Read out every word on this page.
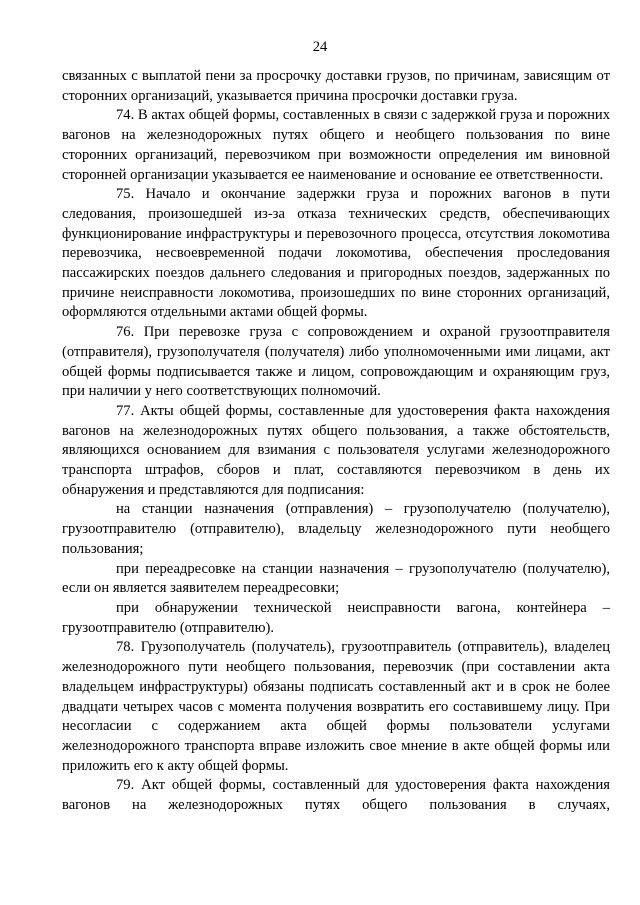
24

связанных с выплатой пени за просрочку доставки грузов, по причинам, зависящим от сторонних организаций, указывается причина просрочки доставки груза.

74. В актах общей формы, составленных в связи с задержкой груза и порожних вагонов на железнодорожных путях общего и необщего пользования по вине сторонних организаций, перевозчиком при возможности определения им виновной сторонней организации указывается ее наименование и основание ее ответственности.

75. Начало и окончание задержки груза и порожних вагонов в пути следования, произошедшей из-за отказа технических средств, обеспечивающих функционирование инфраструктуры и перевозочного процесса, отсутствия локомотива перевозчика, несвоевременной подачи локомотива, обеспечения проследования пассажирских поездов дальнего следования и пригородных поездов, задержанных по причине неисправности локомотива, произошедших по вине сторонних организаций, оформляются отдельными актами общей формы.

76. При перевозке груза с сопровождением и охраной грузоотправителя (отправителя), грузополучателя (получателя) либо уполномоченными ими лицами, акт общей формы подписывается также и лицом, сопровождающим и охраняющим груз, при наличии у него соответствующих полномочий.

77. Акты общей формы, составленные для удостоверения факта нахождения вагонов на железнодорожных путях общего пользования, а также обстоятельств, являющихся основанием для взимания с пользователя услугами железнодорожного транспорта штрафов, сборов и плат, составляются перевозчиком в день их обнаружения и представляются для подписания:

на станции назначения (отправления) – грузополучателю (получателю), грузоотправителю (отправителю), владельцу железнодорожного пути необщего пользования;

при переадресовке на станции назначения – грузополучателю (получателю), если он является заявителем переадресовки;

при обнаружении технической неисправности вагона, контейнера – грузоотправителю (отправителю).

78. Грузополучатель (получатель), грузоотправитель (отправитель), владелец железнодорожного пути необщего пользования, перевозчик (при составлении акта владельцем инфраструктуры) обязаны подписать составленный акт и в срок не более двадцати четырех часов с момента получения возвратить его составившему лицу. При несогласии с содержанием акта общей формы пользователи услугами железнодорожного транспорта вправе изложить свое мнение в акте общей формы или приложить его к акту общей формы.

79. Акт общей формы, составленный для удостоверения факта нахождения вагонов на железнодорожных путях общего пользования в случаях,
